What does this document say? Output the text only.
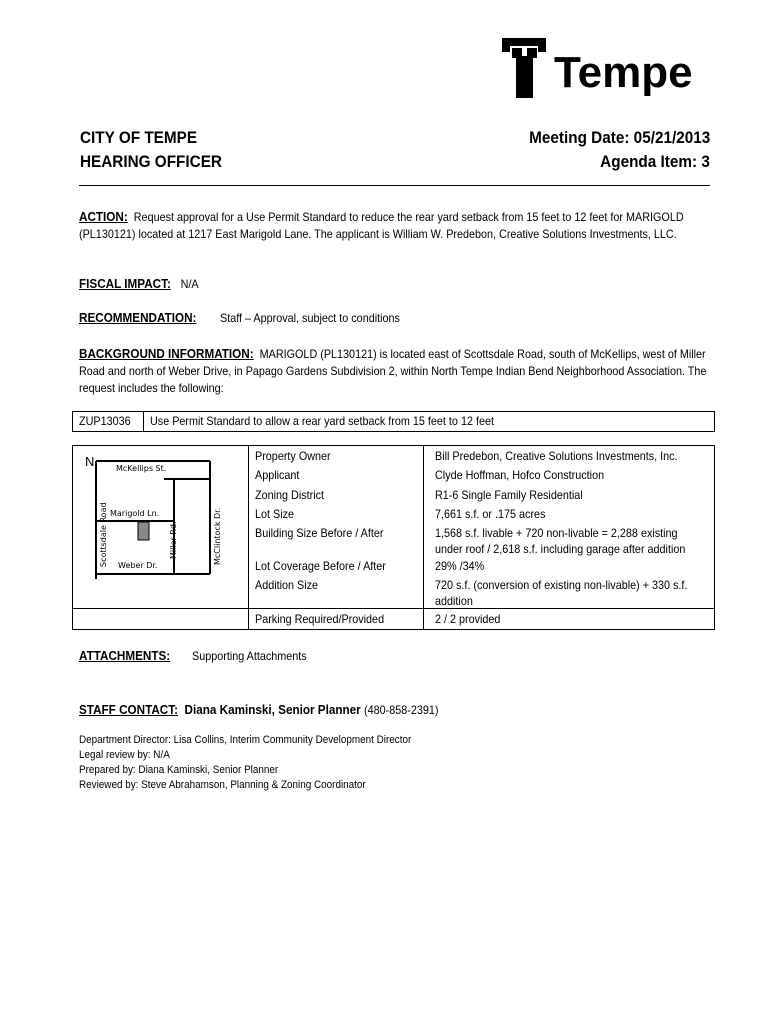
Tempe
CITY OF TEMPE
HEARING OFFICER
Meeting Date: 05/21/2013
Agenda Item: 3
ACTION: Request approval for a Use Permit Standard to reduce the rear yard setback from 15 feet to 12 feet for MARIGOLD (PL130121) located at 1217 East Marigold Lane. The applicant is William W. Predebon, Creative Solutions Investments, LLC.
FISCAL IMPACT: N/A
RECOMMENDATION: Staff – Approval, subject to conditions
BACKGROUND INFORMATION: MARIGOLD (PL130121) is located east of Scottsdale Road, south of McKellips, west of Miller Road and north of Weber Drive, in Papago Gardens Subdivision 2, within North Tempe Indian Bend Neighborhood Association. The request includes the following:
ZUP13036 Use Permit Standard to allow a rear yard setback from 15 feet to 12 feet
N	McKellips St.
Marigold Ln.
Weber Dr.
Scottsdale Road	Miller Rd.	McClintock Dr.
Property Owner	Bill Predebon, Creative Solutions Investments, Inc.
Applicant	Clyde Hoffman, Hofco Construction
Zoning District	R1-6 Single Family Residential
Lot Size	7,661 s.f. or .175 acres
Building Size Before / After	1,568 s.f. livable + 720 non-livable = 2,288 existing under roof / 2,618 s.f. including garage after addition
Lot Coverage Before / After	29% /34%
Addition Size	720 s.f. (conversion of existing non-livable) + 330 s.f. addition
Parking Required/Provided	2 / 2 provided
ATTACHMENTS: Supporting Attachments
STAFF CONTACT: Diana Kaminski, Senior Planner (480-858-2391)
Department Director: Lisa Collins, Interim Community Development Director
Legal review by: N/A
Prepared by: Diana Kaminski, Senior Planner
Reviewed by: Steve Abrahamson, Planning & Zoning Coordinator
